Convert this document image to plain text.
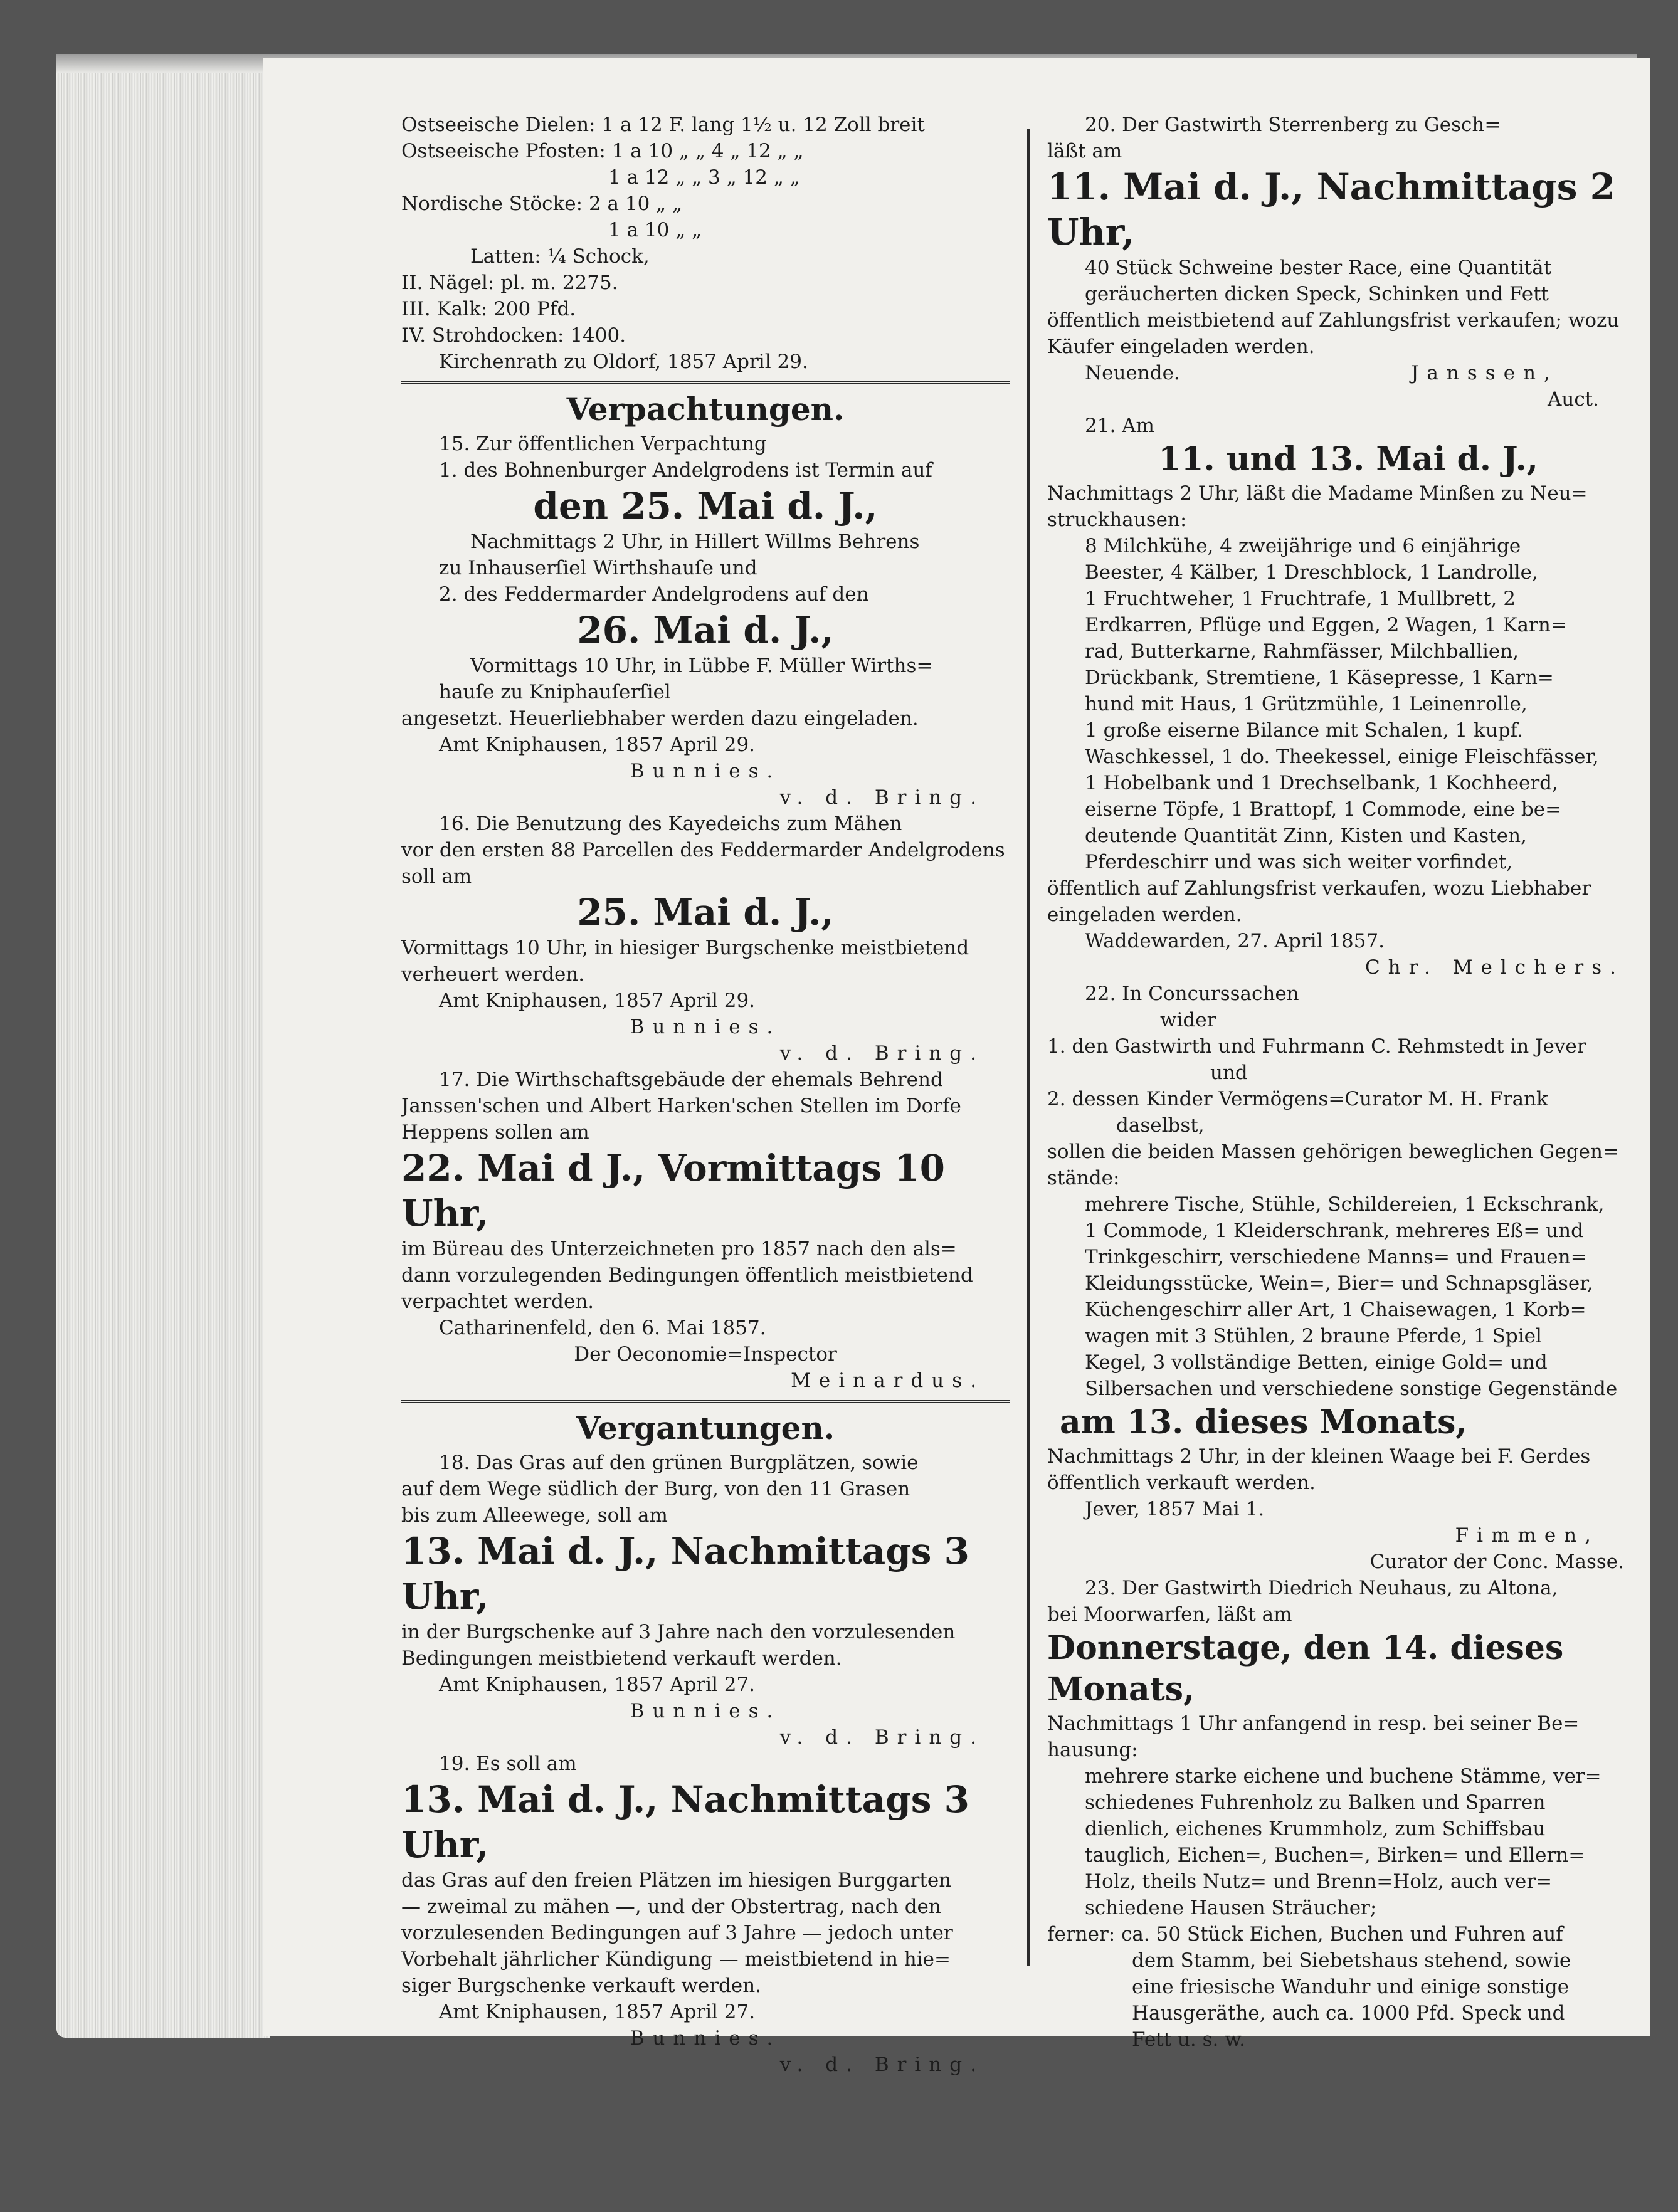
Ostseeische Dielen: 1 a 12 F. lang 1½ u. 12 Zoll breit
Ostseeische Pfosten: 1 a 10 „ „ 4 „ 12 „ „
1 a 12 „ „ 3 „ 12 „ „
Nordische Stöcke: 2 a 10 „ „
1 a 10 „ „
Latten: ¼ Schock,
II. Nägel: pl. m. 2275.
III. Kalk: 200 Pfd.
IV. Strohdocken: 1400.
Kirchenrath zu Oldorf, 1857 April 29.
Verpachtungen.
15. Zur öffentlichen Verpachtung
1. des Bohnenburger Andelgrodens ist Termin auf
den 25. Mai d. J.,
Nachmittags 2 Uhr, in Hillert Willms Behrens
zu Inhauserſiel Wirthshauſe und
2. des Feddermarder Andelgrodens auf den
26. Mai d. J.,
Vormittags 10 Uhr, in Lübbe F. Müller Wirths=
hauſe zu Kniphauſerſiel
angesetzt. Heuerliebhaber werden dazu eingeladen.
Amt Kniphausen, 1857 April 29.
Bunnies.
v. d. Bring.
16. Die Benutzung des Kayedeichs zum Mähen
vor den ersten 88 Parcellen des Feddermarder Andelgrodens
soll am
25. Mai d. J.,
Vormittags 10 Uhr, in hiesiger Burgschenke meistbietend
verheuert werden.
Amt Kniphausen, 1857 April 29.
Bunnies.
v. d. Bring.
17. Die Wirthschaftsgebäude der ehemals Behrend
Janssen'schen und Albert Harken'schen Stellen im Dorfe
Heppens sollen am
22. Mai d J., Vormittags 10 Uhr,
im Büreau des Unterzeichneten pro 1857 nach den als=
dann vorzulegenden Bedingungen öffentlich meistbietend
verpachtet werden.
Catharinenfeld, den 6. Mai 1857.
Der Oeconomie=Inspector
Meinardus.
Vergantungen.
18. Das Gras auf den grünen Burgplätzen, sowie
auf dem Wege südlich der Burg, von den 11 Grasen
bis zum Alleewege, soll am
13. Mai d. J., Nachmittags 3 Uhr,
in der Burgschenke auf 3 Jahre nach den vorzulesenden
Bedingungen meistbietend verkauft werden.
Amt Kniphausen, 1857 April 27.
Bunnies.
v. d. Bring.
19. Es soll am
13. Mai d. J., Nachmittags 3 Uhr,
das Gras auf den freien Plätzen im hiesigen Burggarten
— zweimal zu mähen —, und der Obstertrag, nach den
vorzulesenden Bedingungen auf 3 Jahre — jedoch unter
Vorbehalt jährlicher Kündigung — meistbietend in hie=
siger Burgschenke verkauft werden.
Amt Kniphausen, 1857 April 27.
Bunnies.
v. d. Bring.
20. Der Gastwirth Sterrenberg zu Gesch=
läßt am
11. Mai d. J., Nachmittags 2 Uhr,
40 Stück Schweine bester Race, eine Quantität
geräucherten dicken Speck, Schinken und Fett
öffentlich meistbietend auf Zahlungsfrist verkaufen; wozu
Käufer eingeladen werden.
Neuende.	Janssen,
Auct.
21. Am
11. und 13. Mai d. J.,
Nachmittags 2 Uhr, läßt die Madame Minßen zu Neu=
struckhausen:
8 Milchkühe, 4 zweijährige und 6 einjährige
Beester, 4 Kälber, 1 Dreschblock, 1 Landrolle,
1 Fruchtweher, 1 Fruchtrafe, 1 Mullbrett, 2
Erdkarren, Pflüge und Eggen, 2 Wagen, 1 Karn=
rad, Butterkarne, Rahmfässer, Milchballien,
Drückbank, Stremtiene, 1 Käsepresse, 1 Karn=
hund mit Haus, 1 Grützmühle, 1 Leinenrolle,
1 große eiserne Bilance mit Schalen, 1 kupf.
Waschkessel, 1 do. Theekessel, einige Fleischfässer,
1 Hobelbank und 1 Drechselbank, 1 Kochheerd,
eiserne Töpfe, 1 Brattopf, 1 Commode, eine be=
deutende Quantität Zinn, Kisten und Kasten,
Pferdeschirr und was sich weiter vorfindet,
öffentlich auf Zahlungsfrist verkaufen, wozu Liebhaber
eingeladen werden.
Waddewarden, 27. April 1857.
Chr. Melchers.
22. In Concurssachen
wider
1. den Gastwirth und Fuhrmann C. Rehmstedt in Jever
und
2. dessen Kinder Vermögens=Curator M. H. Frank
daselbst,
sollen die beiden Massen gehörigen beweglichen Gegen=
stände:
mehrere Tische, Stühle, Schildereien, 1 Eckschrank,
1 Commode, 1 Kleiderschrank, mehreres Eß= und
Trinkgeschirr, verschiedene Manns= und Frauen=
Kleidungsstücke, Wein=, Bier= und Schnapsgläser,
Küchengeschirr aller Art, 1 Chaisewagen, 1 Korb=
wagen mit 3 Stühlen, 2 braune Pferde, 1 Spiel
Kegel, 3 vollständige Betten, einige Gold= und
Silbersachen und verschiedene sonstige Gegenstände
am 13. dieses Monats,
Nachmittags 2 Uhr, in der kleinen Waage bei F. Gerdes
öffentlich verkauft werden.
Jever, 1857 Mai 1.
Fimmen,
Curator der Conc. Masse.
23. Der Gastwirth Diedrich Neuhaus, zu Altona,
bei Moorwarfen, läßt am
Donnerstage, den 14. dieses Monats,
Nachmittags 1 Uhr anfangend in resp. bei seiner Be=
hausung:
mehrere starke eichene und buchene Stämme, ver=
schiedenes Fuhrenholz zu Balken und Sparren
dienlich, eichenes Krummholz, zum Schiffsbau
tauglich, Eichen=, Buchen=, Birken= und Ellern=
Holz, theils Nutz= und Brenn=Holz, auch ver=
schiedene Hausen Sträucher;
ferner: ca. 50 Stück Eichen, Buchen und Fuhren auf
dem Stamm, bei Siebetshaus stehend, sowie
eine friesische Wanduhr und einige sonstige
Hausgeräthe, auch ca. 1000 Pfd. Speck und
Fett u. s. w.
